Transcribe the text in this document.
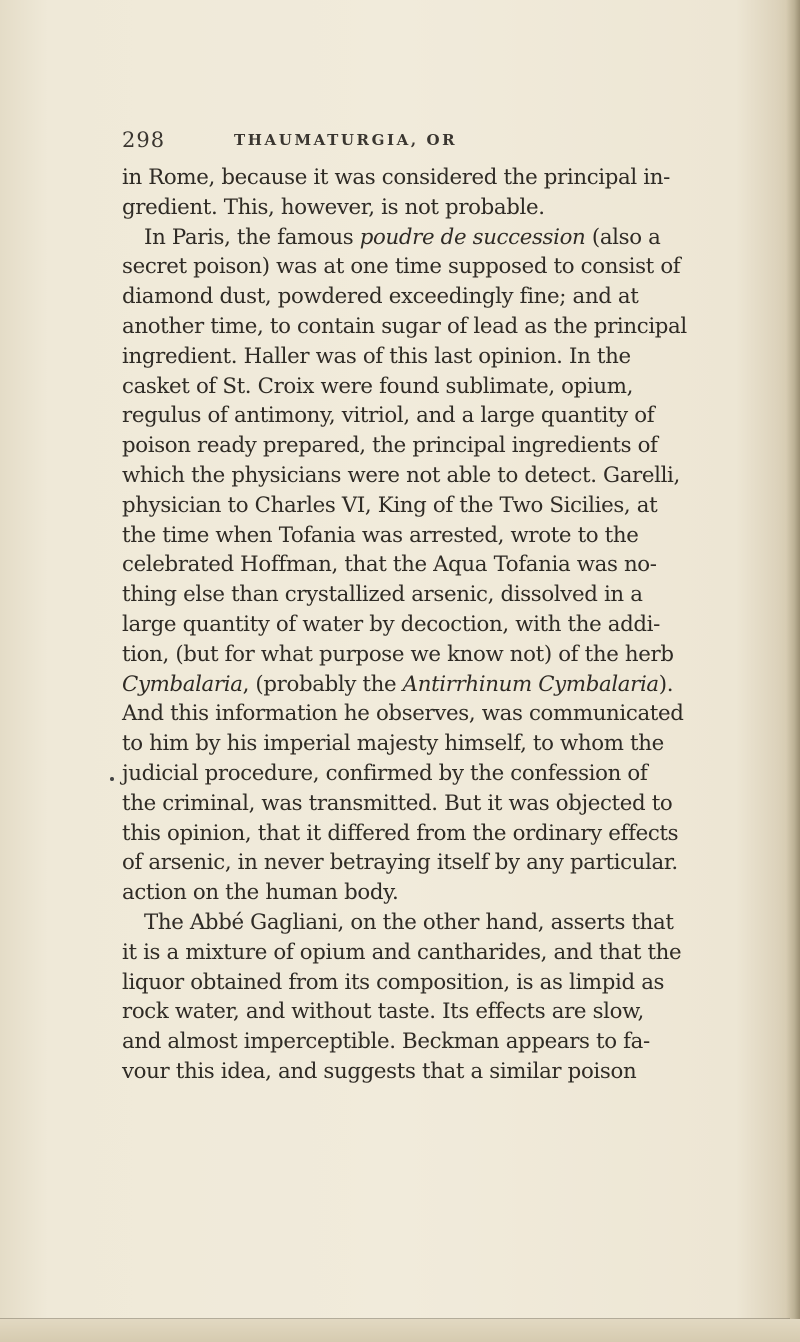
298	THAUMATURGIA, OR
in Rome, because it was considered the principal in-
gredient. This, however, is not probable.
In Paris, the famous poudre de succession (also a
secret poison) was at one time supposed to consist of
diamond dust, powdered exceedingly fine; and at
another time, to contain sugar of lead as the principal
ingredient. Haller was of this last opinion. In the
casket of St. Croix were found sublimate, opium,
regulus of antimony, vitriol, and a large quantity of
poison ready prepared, the principal ingredients of
which the physicians were not able to detect. Garelli,
physician to Charles VI, King of the Two Sicilies, at
the time when Tofania was arrested, wrote to the
celebrated Hoffman, that the Aqua Tofania was no-
thing else than crystallized arsenic, dissolved in a
large quantity of water by decoction, with the addi-
tion, (but for what purpose we know not) of the herb
Cymbalaria, (probably the Antirrhinum Cymbalaria).
And this information he observes, was communicated
to him by his imperial majesty himself, to whom the
judicial procedure, confirmed by the confession of
the criminal, was transmitted. But it was objected to
this opinion, that it differed from the ordinary effects
of arsenic, in never betraying itself by any particular.
action on the human body.
The Abbé Gagliani, on the other hand, asserts that
it is a mixture of opium and cantharides, and that the
liquor obtained from its composition, is as limpid as
rock water, and without taste. Its effects are slow,
and almost imperceptible. Beckman appears to fa-
vour this idea, and suggests that a similar poison
